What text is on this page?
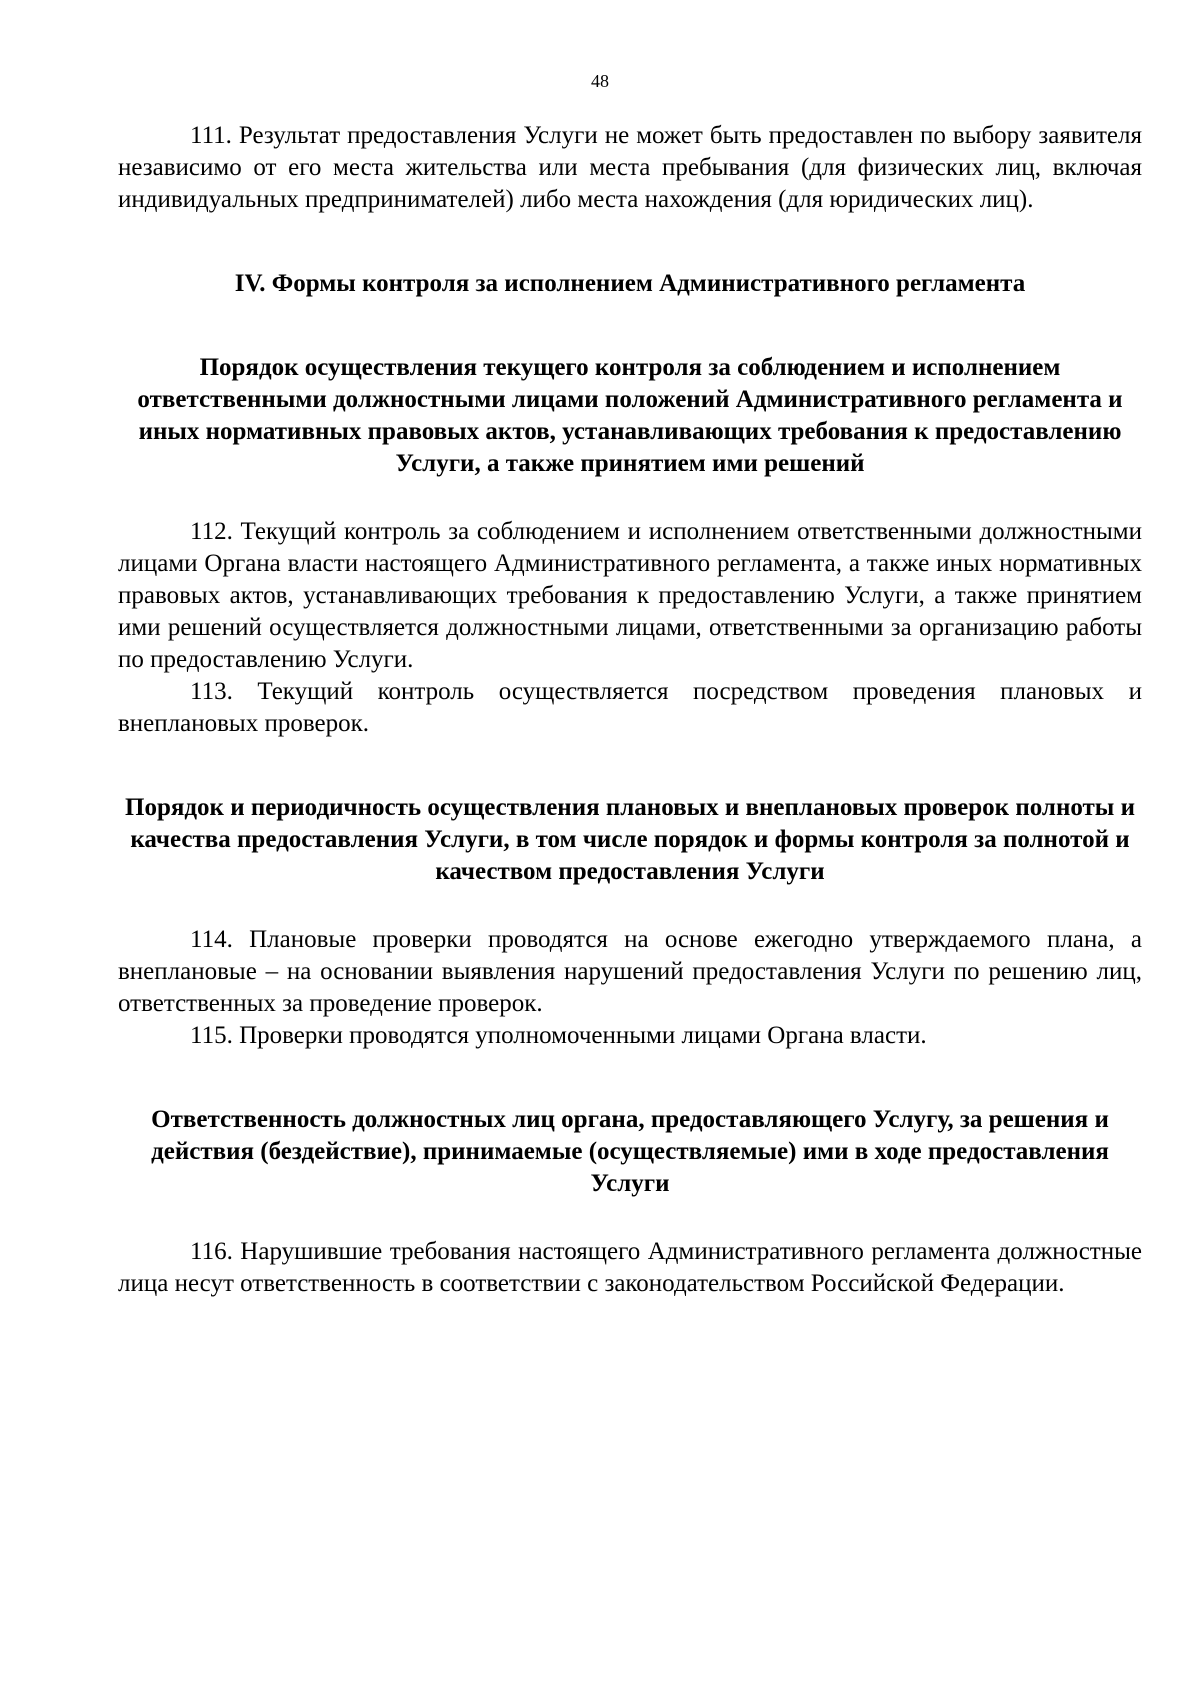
48

111. Результат предоставления Услуги не может быть предоставлен по выбору заявителя независимо от его места жительства или места пребывания (для физических лиц, включая индивидуальных предпринимателей) либо места нахождения (для юридических лиц).

IV. Формы контроля за исполнением Административного регламента

Порядок осуществления текущего контроля за соблюдением и исполнением ответственными должностными лицами положений Административного регламента и иных нормативных правовых актов, устанавливающих требования к предоставлению Услуги, а также принятием ими решений

112. Текущий контроль за соблюдением и исполнением ответственными должностными лицами Органа власти настоящего Административного регламента, а также иных нормативных правовых актов, устанавливающих требования к предоставлению Услуги, а также принятием ими решений осуществляется должностными лицами, ответственными за организацию работы по предоставлению Услуги.

113. Текущий контроль осуществляется посредством проведения плановых и внеплановых проверок.

Порядок и периодичность осуществления плановых и внеплановых проверок полноты и качества предоставления Услуги, в том числе порядок и формы контроля за полнотой и качеством предоставления Услуги

114. Плановые проверки проводятся на основе ежегодно утверждаемого плана, а внеплановые – на основании выявления нарушений предоставления Услуги по решению лиц, ответственных за проведение проверок.

115. Проверки проводятся уполномоченными лицами Органа власти.

Ответственность должностных лиц органа, предоставляющего Услугу, за решения и действия (бездействие), принимаемые (осуществляемые) ими в ходе предоставления Услуги

116. Нарушившие требования настоящего Административного регламента должностные лица несут ответственность в соответствии с законодательством Российской Федерации.
